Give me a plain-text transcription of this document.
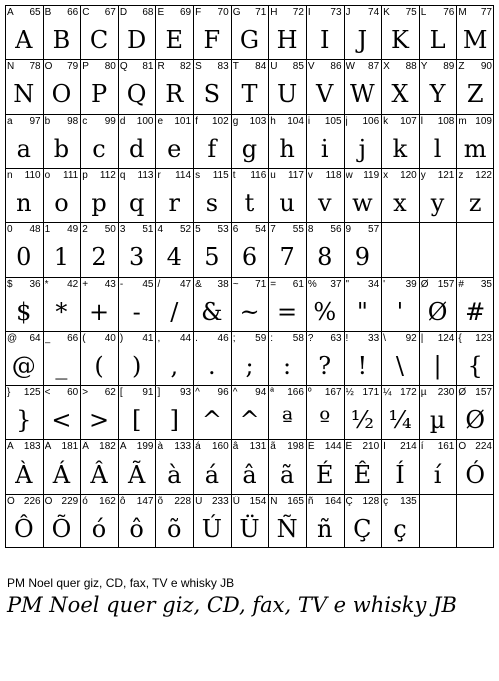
A 65
A
B 66
B
C 67
C
D 68
D
E 69
E
F 70
F
G 71
G
H 72
H
I 73
I
J 74
J
K 75
K
L 76
L
M 77
M
N 78
N
O 79
O
P 80
P
Q 81
Q
R 82
R
S 83
S
T 84
T
U 85
U
V 86
V
W 87
W
X 88
X
Y 89
Y
Z 90
Z
a 97
a
b 98
b
c 99
c
d 100
d
e 101
e
f 102
f
g 103
g
h 104
h
i 105
i
j 106
j
k 107
k
l 108
l
m 109
m
n 110
n
o 111
o
p 112
p
q 113
q
r 114
r
s 115
s
t 116
t
u 117
u
v 118
v
w 119
w
x 120
x
y 121
y
z 122
z
0 48
0
1 49
1
2 50
2
3 51
3
4 52
4
5 53
5
6 54
6
7 55
7
8 56
8
9 57
9
$ 36
$
* 42
*
+ 43
+
- 45
-
/ 47
/
& 38
&
~ 71
~
= 61
=
% 37
%
" 34
"
' 39
'
Ø 157
Ø
# 35
#
@ 64
@
_ 66
_
( 40
(
) 41
)
, 44
,
. 46
.
; 59
;
: 58
:
? 63
?
! 33
!
\ 92
\
| 124
|
{ 123
{
} 125
}
< 60
<
> 62
>
[ 91
[
] 93
]
^ 96
^
^ 94
^
ª 166
ª
º 167
º
½ 171
½
¼ 172
¼
µ 230
µ
Ø 157
Ø
À 183
À
Á 181
Á
Â 182
Â
Ã 199
Ã
à 133
à
á 160
á
â 131
â
ã 198
ã
É 144
É
Ê 210
Ê
Í 214
Í
í 161
í
Ó 224
Ó
Ô 226
Ô
Õ 229
Õ
ó 162
ó
ô 147
ô
õ 228
õ
Ú 233
Ú
Ü 154
Ü
Ñ 165
Ñ
ñ 164
ñ
Ç 128
Ç
ç 135
ç
PM Noel quer giz, CD, fax, TV e whisky JB
PM Noel quer giz, CD, fax, TV e whisky JB
